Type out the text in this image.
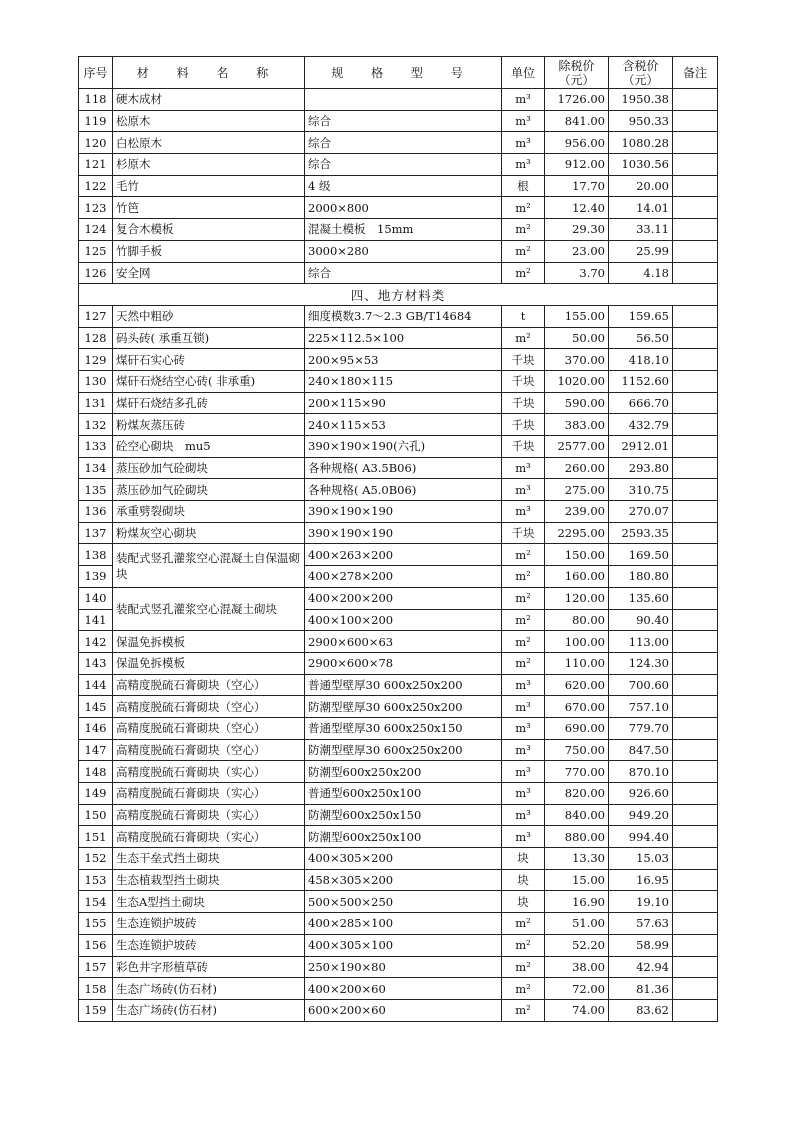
序号	材 料 名 称	规 格 型 号	单位	除税价（元）	含税价（元）	备注
118	硬木成材		m³	1726.00	1950.38	
119	松原木	综合	m³	841.00	950.33	
120	白松原木	综合	m³	956.00	1080.28	
121	杉原木	综合	m³	912.00	1030.56	
122	毛竹	4 级	根	17.70	20.00	
123	竹笆	2000×800	m²	12.40	14.01	
124	复合木模板	混凝土模板　15mm	m²	29.30	33.11	
125	竹脚手板	3000×280	m²	23.00	25.99	
126	安全网	综合	m²	3.70	4.18	
四、地方材料类						
127	天然中粗砂	细度模数3.7～2.3 GB/T14684	t	155.00	159.65	
128	码头砖( 承重互锁)	225×112.5×100	m²	50.00	56.50	
129	煤矸石实心砖	200×95×53	千块	370.00	418.10	
130	煤矸石烧结空心砖( 非承重)	240×180×115	千块	1020.00	1152.60	
131	煤矸石烧结多孔砖	200×115×90	千块	590.00	666.70	
132	粉煤灰蒸压砖	240×115×53	千块	383.00	432.79	
133	砼空心砌块　mu5	390×190×190(六孔)	千块	2577.00	2912.01	
134	蒸压砂加气砼砌块	各种规格( A3.5B06)	m³	260.00	293.80	
135	蒸压砂加气砼砌块	各种规格( A5.0B06)	m³	275.00	310.75	
136	承重劈裂砌块	390×190×190	m³	239.00	270.07	
137	粉煤灰空心砌块	390×190×190	千块	2295.00	2593.35	
138	装配式竖孔灌浆空心混凝土自保温砌块	400×263×200	m²	150.00	169.50	
139		400×278×200	m²	160.00	180.80	
140	装配式竖孔灌浆空心混凝土砌块	400×200×200	m²	120.00	135.60	
141		400×100×200	m²	80.00	90.40	
142	保温免拆模板	2900×600×63	m²	100.00	113.00	
143	保温免拆模板	2900×600×78	m²	110.00	124.30	
144	高精度脱硫石膏砌块（空心）	普通型壁厚30 600x250x200	m³	620.00	700.60	
145	高精度脱硫石膏砌块（空心）	防潮型壁厚30 600x250x200	m³	670.00	757.10	
146	高精度脱硫石膏砌块（空心）	普通型壁厚30 600x250x150	m³	690.00	779.70	
147	高精度脱硫石膏砌块（空心）	防潮型壁厚30 600x250x200	m³	750.00	847.50	
148	高精度脱硫石膏砌块（实心）	防潮型600x250x200	m³	770.00	870.10	
149	高精度脱硫石膏砌块（实心）	普通型600x250x100	m³	820.00	926.60	
150	高精度脱硫石膏砌块（实心）	防潮型600x250x150	m³	840.00	949.20	
151	高精度脱硫石膏砌块（实心）	防潮型600x250x100	m³	880.00	994.40	
152	生态干垒式挡土砌块	400×305×200	块	13.30	15.03	
153	生态植栽型挡土砌块	458×305×200	块	15.00	16.95	
154	生态A型挡土砌块	500×500×250	块	16.90	19.10	
155	生态连锁护坡砖	400×285×100	m²	51.00	57.63	
156	生态连锁护坡砖	400×305×100	m²	52.20	58.99	
157	彩色井字形植草砖	250×190×80	m²	38.00	42.94	
158	生态广场砖(仿石材)	400×200×60	m²	72.00	81.36	
159	生态广场砖(仿石材)	600×200×60	m²	74.00	83.62	
